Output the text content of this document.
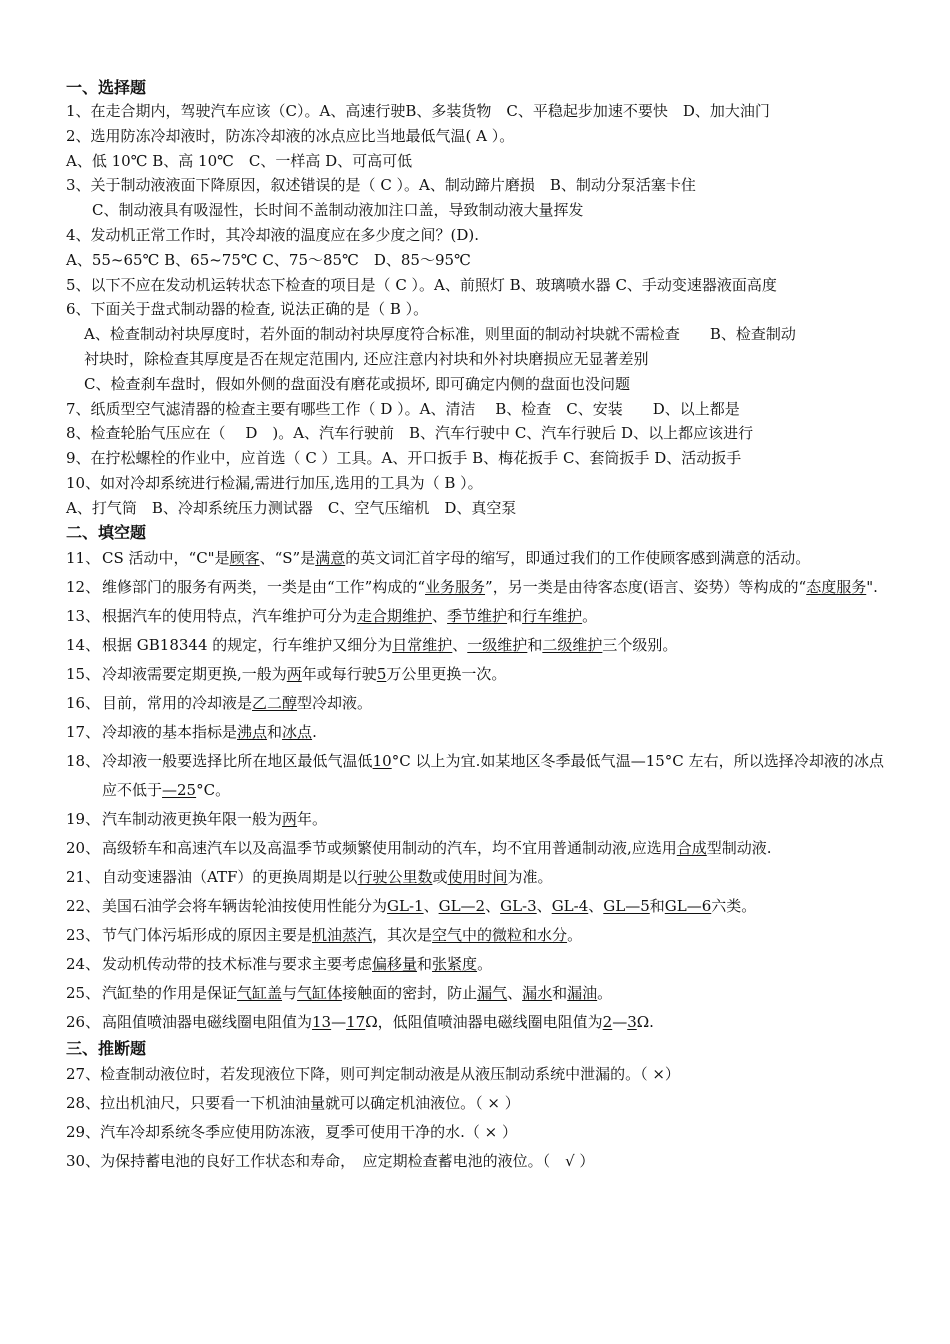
一、选择题
1、在走合期内，驾驶汽车应该（C）。A、高速行驶B、多装货物　C、平稳起步加速不要快　D、加大油门
2、选用防冻冷却液时，防冻冷却液的冰点应比当地最低气温( A ）。
A、低 10℃ B、高 10℃　C、一样高 D、可高可低
3、关于制动液液面下降原因，叙述错误的是（ C ）。A、制动蹄片磨损　B、制动分泵活塞卡住
C、制动液具有吸湿性，长时间不盖制动液加注口盖，导致制动液大量挥发
4、发动机正常工作时，其冷却液的温度应在多少度之间？(D).
A、55~65℃ B、65~75℃ C、75～85℃　D、85～95℃
5、以下不应在发动机运转状态下检查的项目是（ C ）。A、前照灯 B、玻璃喷水器 C、手动变速器液面高度
6、下面关于盘式制动器的检查, 说法正确的是（ B ）。
A、检查制动衬块厚度时，若外面的制动衬块厚度符合标准，则里面的制动衬块就不需检查　　B、检查制动
衬块时，除检查其厚度是否在规定范围内, 还应注意内衬块和外衬块磨损应无显著差别
C、检查刹车盘时，假如外侧的盘面没有磨花或损坏, 即可确定内侧的盘面也没问题
7、纸质型空气滤清器的检查主要有哪些工作（ D ）。A、清洁　 B、检查　C、安装　　D、以上都是
8、检查轮胎气压应在（　 D　)。A、汽车行驶前　B、汽车行驶中 C、汽车行驶后 D、以上都应该进行
9、在拧松螺栓的作业中，应首选（ C ）工具。A、开口扳手 B、梅花扳手 C、套筒扳手 D、活动扳手
10、如对冷却系统进行检漏,需进行加压,选用的工具为（ B ）。
A、打气筒　B、冷却系统压力测试器　C、空气压缩机　D、真空泵
二、填空题
11、 CS 活动中，“C"是顾客、“S”是满意的英文词汇首字母的缩写，即通过我们的工作使顾客感到满意的活动。
12、 维修部门的服务有两类，一类是由“工作”构成的“业务服务”，另一类是由待客态度(语言、姿势）等构成的“态度服务".
13、 根据汽车的使用特点，汽车维护可分为走合期维护、季节维护和行车维护。
14、 根据 GB18344 的规定，行车维护又细分为日常维护、一级维护和二级维护三个级别。
15、 冷却液需要定期更换,一般为两年或每行驶5万公里更换一次。
16、 目前，常用的冷却液是乙二醇型冷却液。
17、 冷却液的基本指标是沸点和冰点.
18、 冷却液一般要选择比所在地区最低气温低10°C 以上为宜.如某地区冬季最低气温—15°C 左右，所以选择冷却液的冰点应不低于—25°C。
19、 汽车制动液更换年限一般为两年。
20、 高级轿车和高速汽车以及高温季节或频繁使用制动的汽车，均不宜用普通制动液,应选用合成型制动液.
21、 自动变速器油（ATF）的更换周期是以行驶公里数或使用时间为准。
22、 美国石油学会将车辆齿轮油按使用性能分为GL-1、GL—2、GL-3、GL-4、GL—5和GL—6六类。
23、 节气门体污垢形成的原因主要是机油蒸汽，其次是空气中的微粒和水分。
24、 发动机传动带的技术标准与要求主要考虑偏移量和张紧度。
25、 汽缸垫的作用是保证气缸盖与气缸体接触面的密封，防止漏气、漏水和漏油。
26、 高阻值喷油器电磁线圈电阻值为13—17Ω，低阻值喷油器电磁线圈电阻值为2—3Ω.
三、推断题
27、检查制动液位时，若发现液位下降，则可判定制动液是从液压制动系统中泄漏的。（ ×）
28、拉出机油尺，只要看一下机油油量就可以确定机油液位。（ × ）
29、汽车冷却系统冬季应使用防冻液，夏季可使用干净的水.（ × ）
30、为保持蓄电池的良好工作状态和寿命，　应定期检查蓄电池的液位。（　√ ）
